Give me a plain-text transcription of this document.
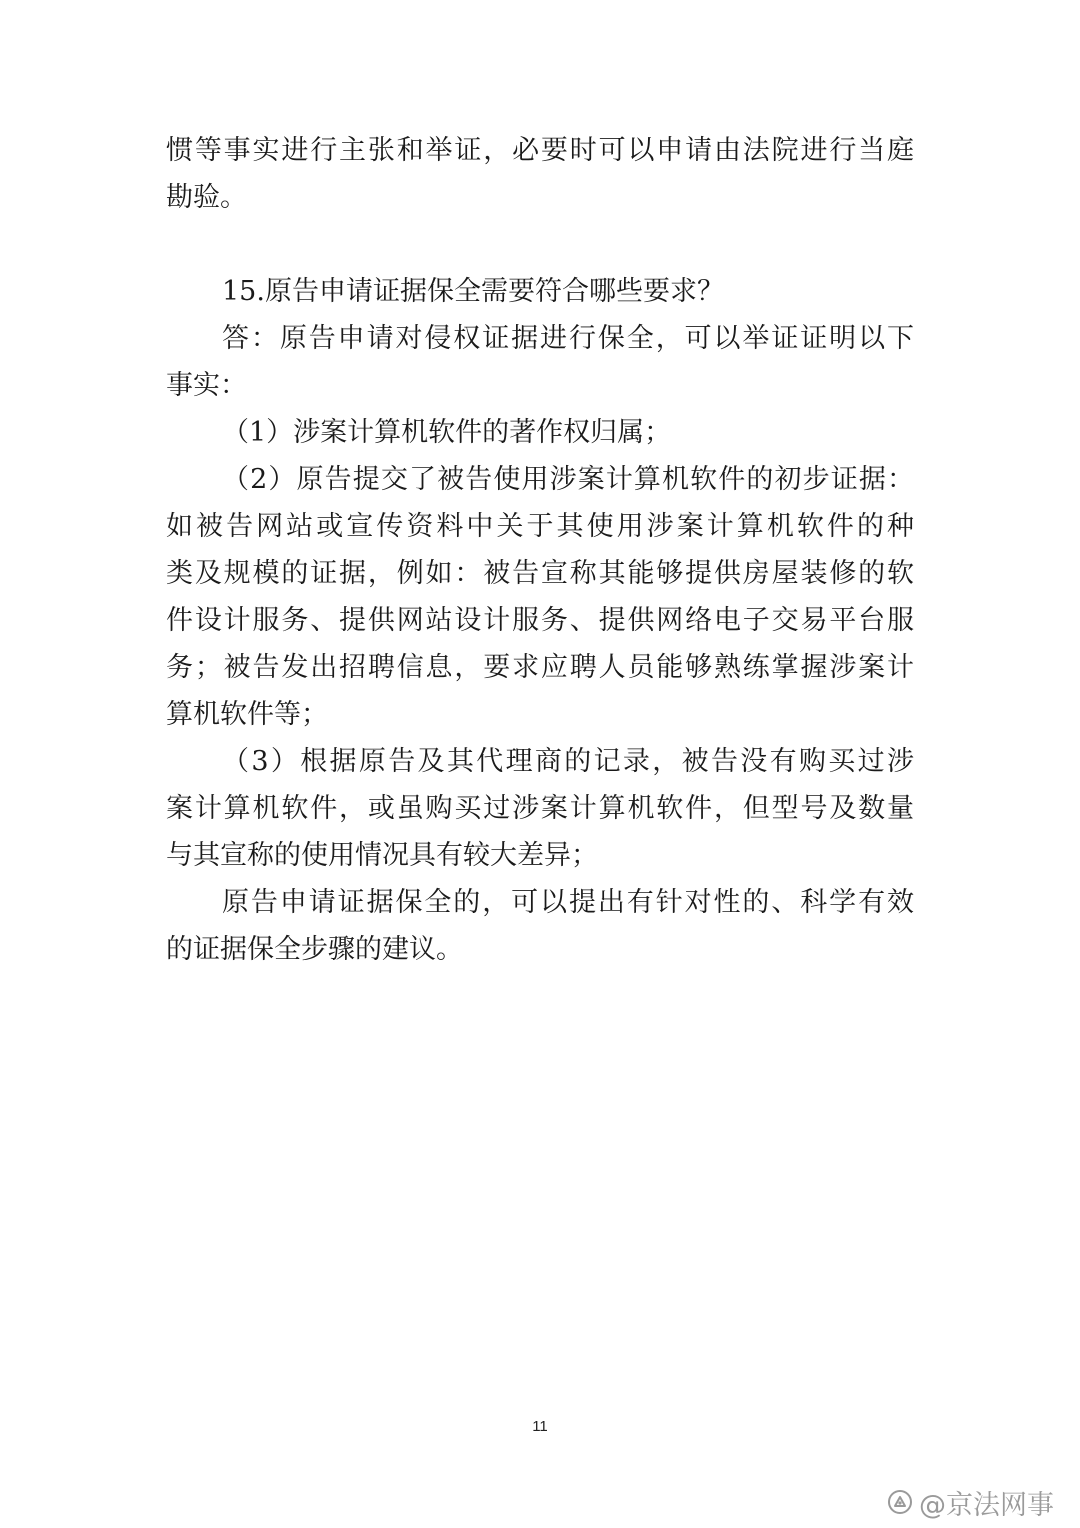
惯等事实进行主张和举证，必要时可以申请由法院进行当庭
勘验。
15.原告申请证据保全需要符合哪些要求？
答：原告申请对侵权证据进行保全，可以举证证明以下
事实：
（1）涉案计算机软件的著作权归属；
（2）原告提交了被告使用涉案计算机软件的初步证据：
如被告网站或宣传资料中关于其使用涉案计算机软件的种
类及规模的证据，例如：被告宣称其能够提供房屋装修的软
件设计服务、提供网站设计服务、提供网络电子交易平台服
务；被告发出招聘信息，要求应聘人员能够熟练掌握涉案计
算机软件等；
（3）根据原告及其代理商的记录，被告没有购买过涉
案计算机软件，或虽购买过涉案计算机软件，但型号及数量
与其宣称的使用情况具有较大差异；
原告申请证据保全的，可以提出有针对性的、科学有效
的证据保全步骤的建议。
11
@京法网事
